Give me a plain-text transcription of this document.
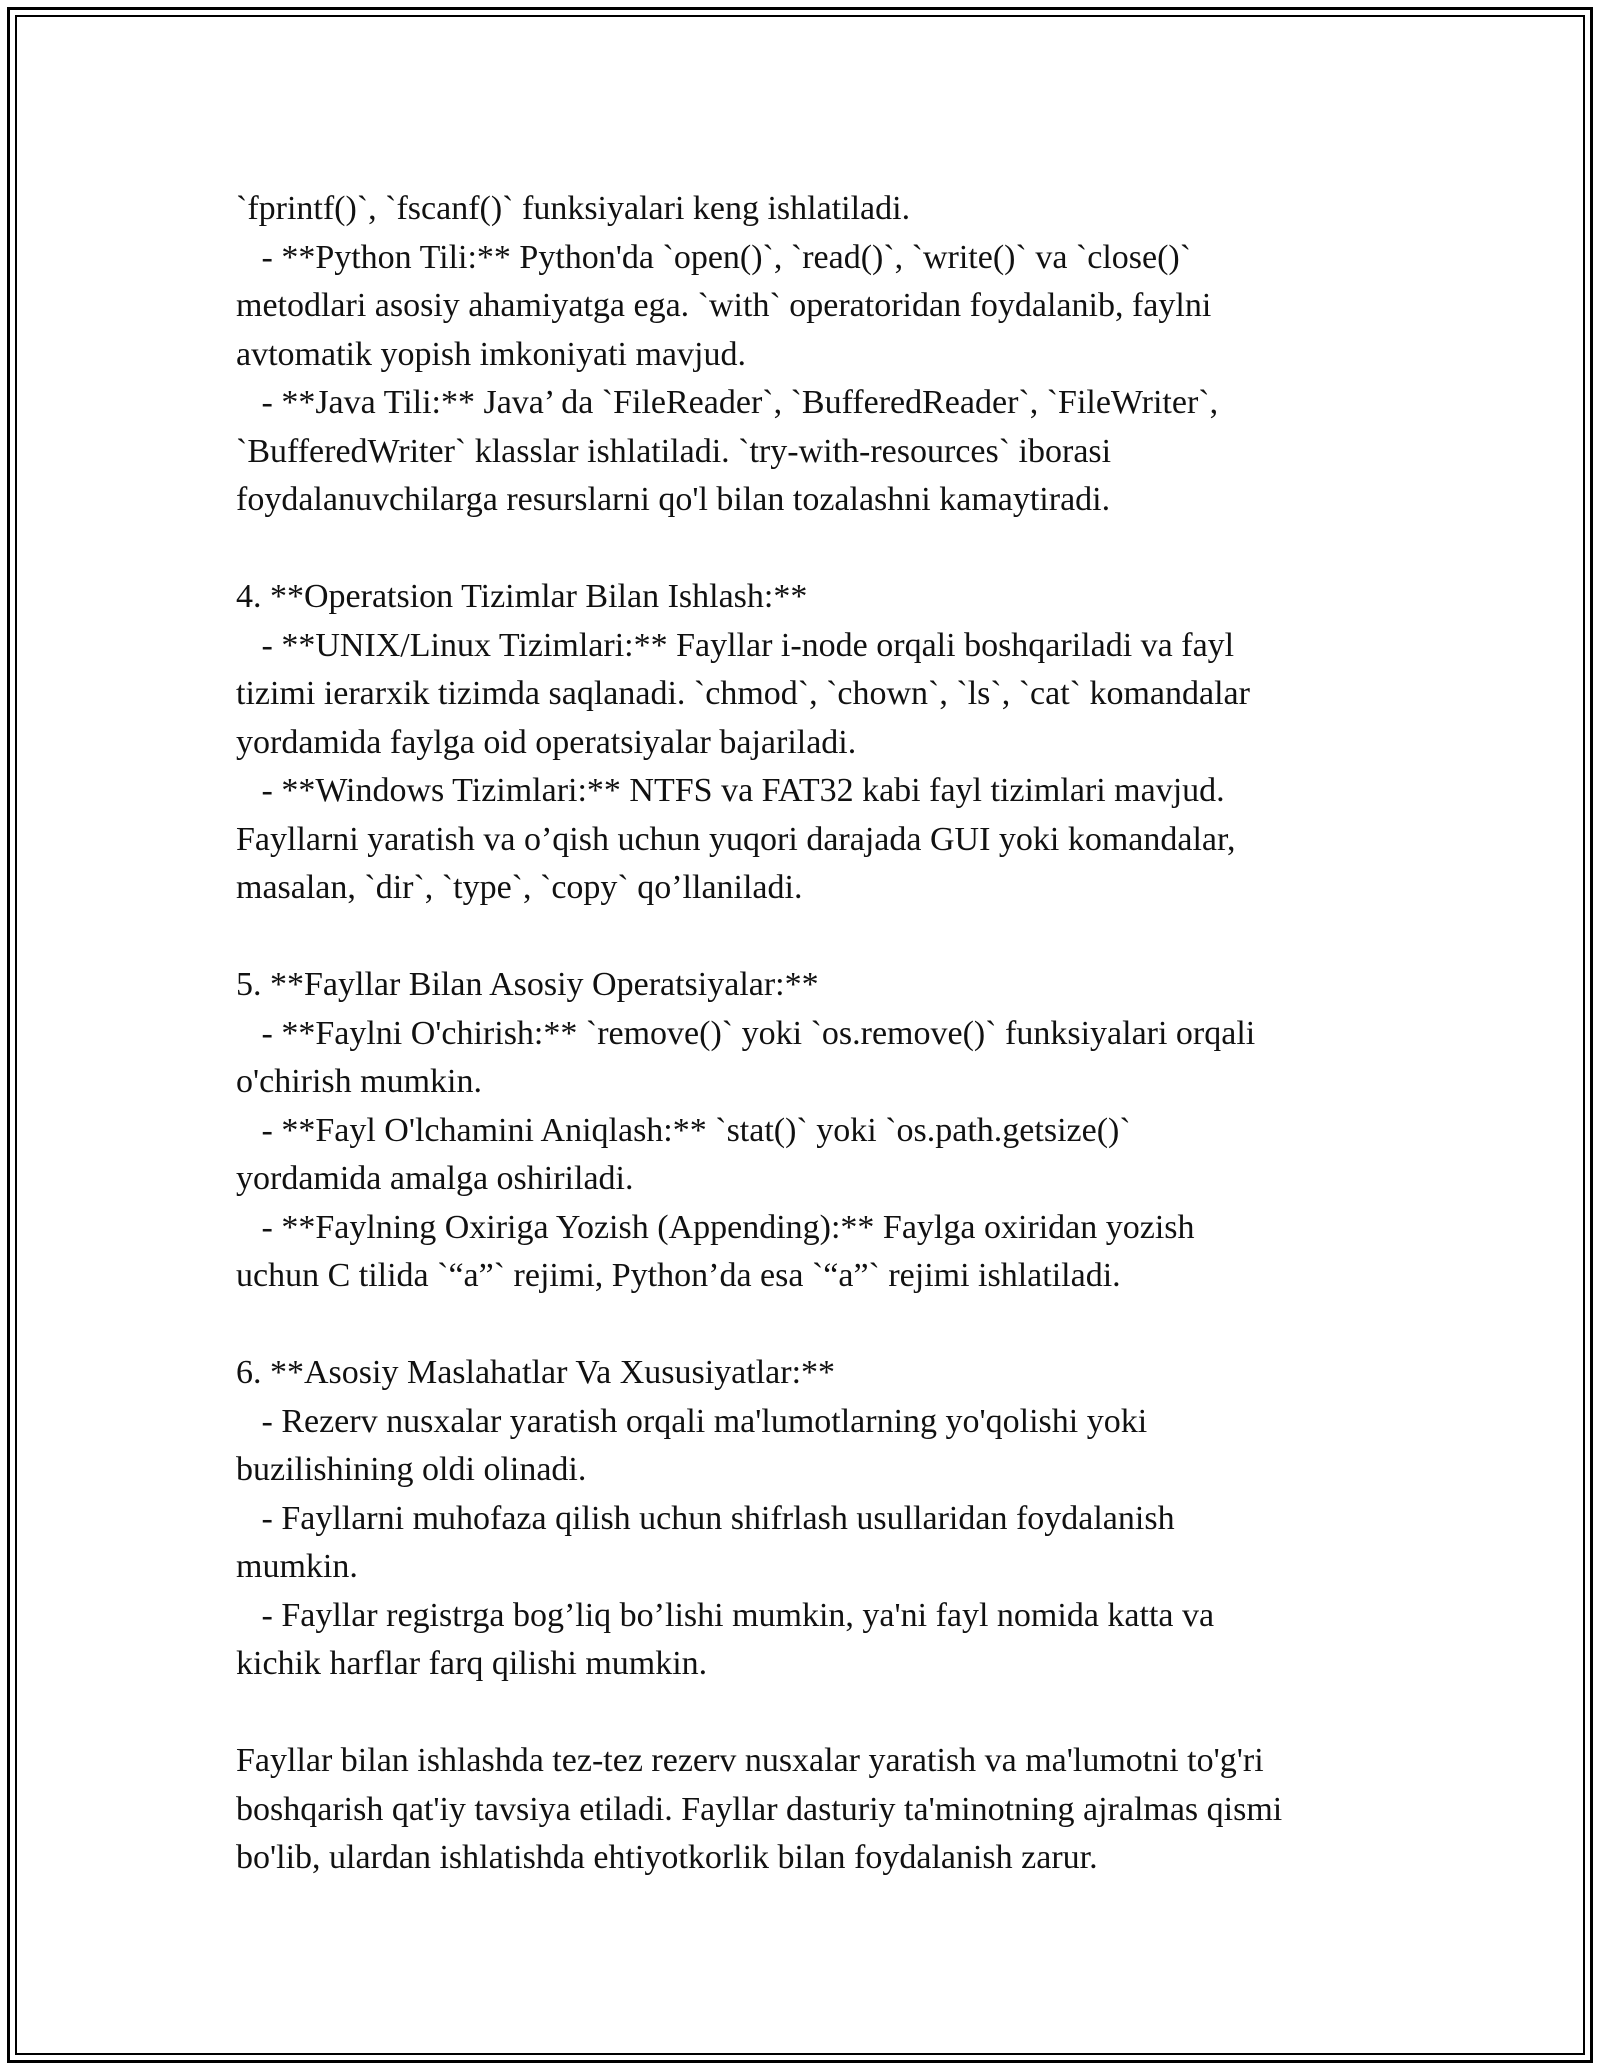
`fprintf()`, `fscanf()` funksiyalari keng ishlatiladi.
- **Python Tili:** Python'da `open()`, `read()`, `write()` va `close()`
metodlari asosiy ahamiyatga ega. `with` operatoridan foydalanib, faylni
avtomatik yopish imkoniyati mavjud.
- **Java Tili:** Java’ da `FileReader`, `BufferedReader`, `FileWriter`,
`BufferedWriter` klasslar ishlatiladi. `try-with-resources` iborasi
foydalanuvchilarga resurslarni qo'l bilan tozalashni kamaytiradi.
4. **Operatsion Tizimlar Bilan Ishlash:**
- **UNIX/Linux Tizimlari:** Fayllar i-node orqali boshqariladi va fayl
tizimi ierarxik tizimda saqlanadi. `chmod`, `chown`, `ls`, `cat` komandalar
yordamida faylga oid operatsiyalar bajariladi.
- **Windows Tizimlari:** NTFS va FAT32 kabi fayl tizimlari mavjud.
Fayllarni yaratish va o’qish uchun yuqori darajada GUI yoki komandalar,
masalan, `dir`, `type`, `copy` qo’llaniladi.
5. **Fayllar Bilan Asosiy Operatsiyalar:**
- **Faylni O'chirish:** `remove()` yoki `os.remove()` funksiyalari orqali
o'chirish mumkin.
- **Fayl O'lchamini Aniqlash:** `stat()` yoki `os.path.getsize()`
yordamida amalga oshiriladi.
- **Faylning Oxiriga Yozish (Appending):** Faylga oxiridan yozish
uchun C tilida `“a”` rejimi, Python’da esa `“a”` rejimi ishlatiladi.
6. **Asosiy Maslahatlar Va Xususiyatlar:**
- Rezerv nusxalar yaratish orqali ma'lumotlarning yo'qolishi yoki
buzilishining oldi olinadi.
- Fayllarni muhofaza qilish uchun shifrlash usullaridan foydalanish
mumkin.
- Fayllar registrga bog’liq bo’lishi mumkin, ya'ni fayl nomida katta va
kichik harflar farq qilishi mumkin.
Fayllar bilan ishlashda tez-tez rezerv nusxalar yaratish va ma'lumotni to'g'ri
boshqarish qat'iy tavsiya etiladi. Fayllar dasturiy ta'minotning ajralmas qismi
bo'lib, ulardan ishlatishda ehtiyotkorlik bilan foydalanish zarur.
